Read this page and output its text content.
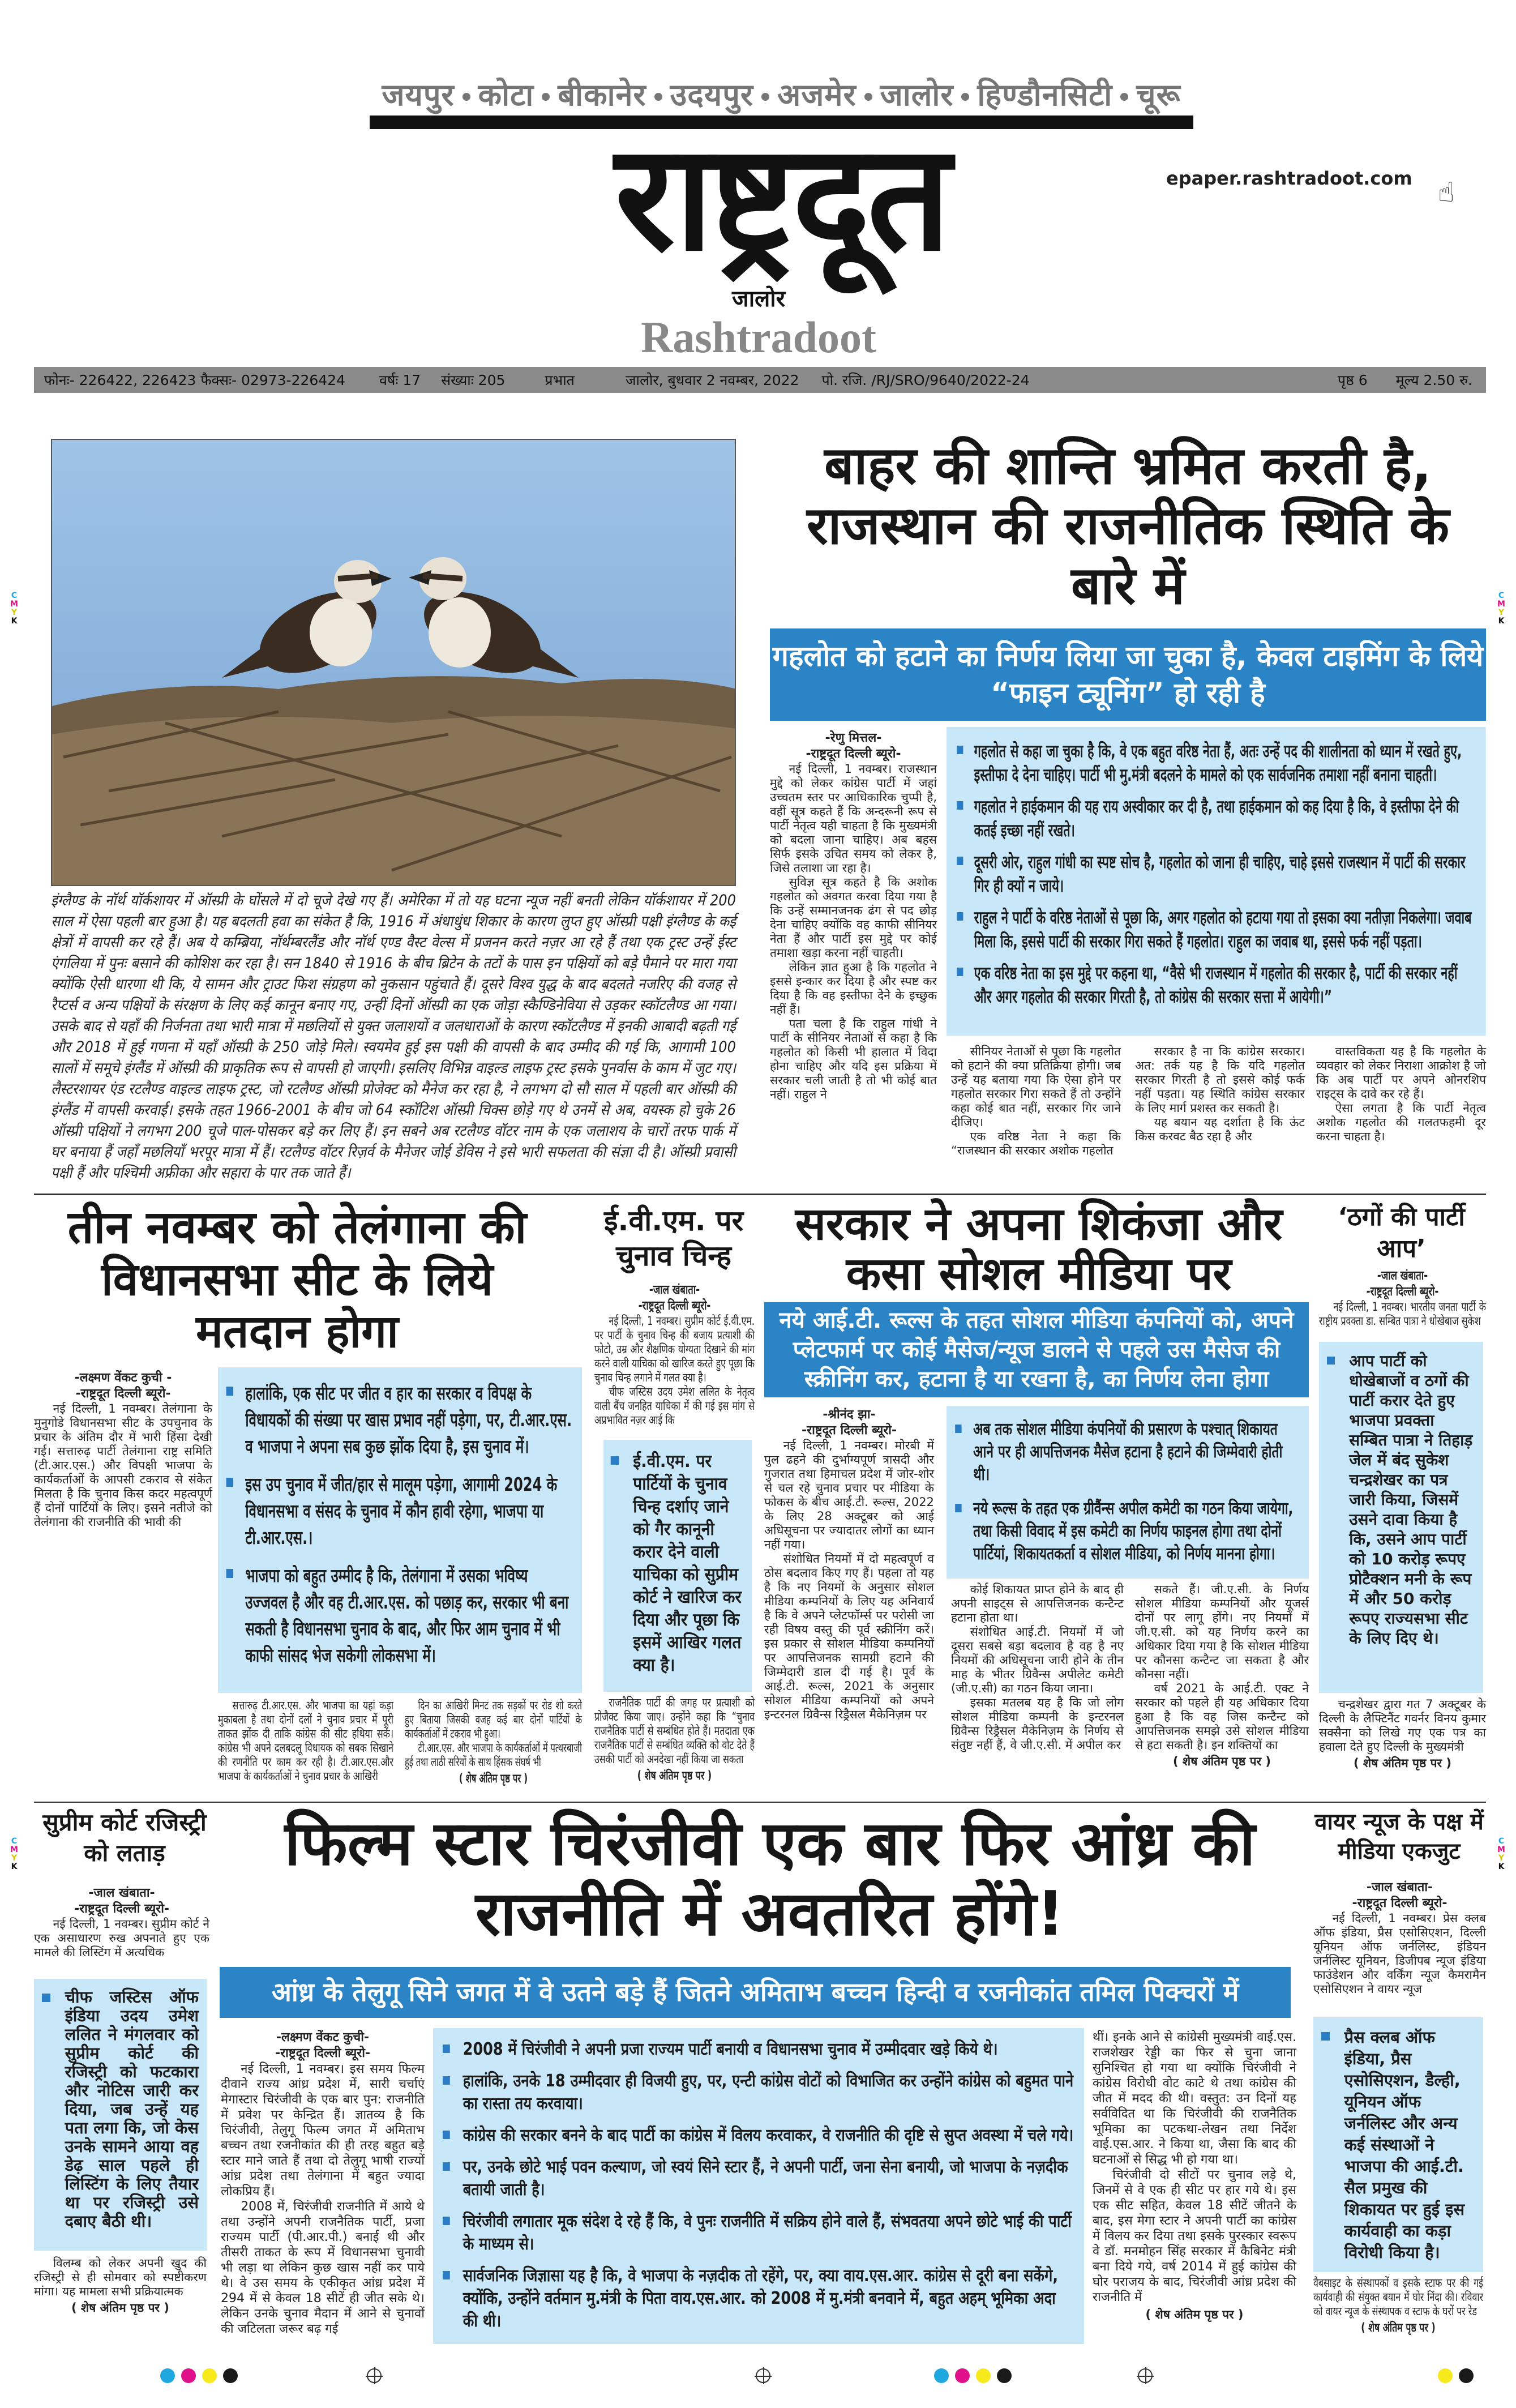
जयपुर कोटा बीकानेर उदयपुर अजमेर जालोर हिण्डौनसिटी चूरू
राष्ट्रदूत	epaper.rashtradoot.com ☝
जालोर
Rashtradoot
फोनः- 226422, 226423 फैक्सः- 02973-226424 वर्षः 17 संख्याः 205	प्रभात	जालोर, बुधवार 2 नवम्बर, 2022 पो. रजि. /RJ/SRO/9640/2022-24	पृष्ठ 6 मूल्य 2.50 रु.
इंग्लैण्ड के नॉर्थ यॉर्कशायर में ऑस्प्री के घोंसले में दो चूजे देखे गए हैं। अमेरिका में तो यह घटना न्यूज नहीं बनती लेकिन यॉर्कशायर में 200 साल में ऐसा पहली बार हुआ है। यह बदलती हवा का संकेत है कि, 1916 में अंधाधुंध शिकार के कारण लुप्त हुए ऑस्प्री पक्षी इंग्लैण्ड के कई क्षेत्रों में वापसी कर रहे हैं। अब ये कम्ब्रिया, नॉर्थम्बरलैंड और नॉर्थ एण्ड वैस्ट वेल्स में प्रजनन करते नज़र आ रहे हैं तथा एक ट्रस्ट उन्हें ईस्ट एंगलिया में पुनः बसाने की कोशिश कर रहा है। सन 1840 से 1916 के बीच ब्रिटेन के तटों के पास इन पक्षियों को बड़े पैमाने पर मारा गया क्योंकि ऐसी धारणा थी कि, ये सामन और ट्राउट फिश संग्रहण को नुकसान पहुंचाते हैं। दूसरे विश्व युद्ध के बाद बदलते नजरिए की वजह से रैप्टर्स व अन्य पक्षियों के संरक्षण के लिए कई कानून बनाए गए, उन्हीं दिनों ऑस्प्री का एक जोड़ा स्कैण्डिनेविया से उड़कर स्कॉटलैण्ड आ गया। उसके बाद से यहाँ की निर्जनता तथा भारी मात्रा में मछलियों से युक्त जलाशयों व जलधाराओं के कारण स्कॉटलैण्ड में इनकी आबादी बढ़ती गई और 2018 में हुई गणना में यहाँ ऑस्प्री के 250 जोड़े मिले। स्वयमेव हुई इस पक्षी की वापसी के बाद उम्मीद की गई कि, आगामी 100 सालों में समूचे इंग्लैंड में ऑस्प्री की प्राकृतिक रूप से वापसी हो जाएगी। इसलिए विभिन्न वाइल्ड लाइफ ट्रस्ट इसके पुनर्वास के काम में जुट गए। लैस्टरशायर एंड रटलैण्ड वाइल्ड लाइफ ट्रस्ट, जो रटलैण्ड ऑस्प्री प्रोजेक्ट को मैनेज कर रहा है, ने लगभग दो सौ साल में पहली बार ऑस्प्री की इंग्लैंड में वापसी करवाई। इसके तहत 1966-2001 के बीच जो 64 स्कॉटिश ऑस्प्री चिक्स छोड़े गए थे उनमें से अब, वयस्क हो चुके 26 ऑस्प्री पक्षियों ने लगभग 200 चूजे पाल-पोसकर बड़े कर लिए हैं। इन सबने अब रटलैण्ड वॉटर नाम के एक जलाशय के चारों तरफ पार्क में घर बनाया हैं जहाँ मछलियाँ भरपूर मात्रा में हैं। रटलैण्ड वॉटर रिज़र्व के मैनेजर जोई डेविस ने इसे भारी सफलता की संज्ञा दी है। ऑस्प्री प्रवासी पक्षी हैं और पश्चिमी अफ्रीका और सहारा के पार तक जाते हैं।
बाहर की शान्ति भ्रमित करती है, राजस्थान की राजनीतिक स्थिति के बारे में
गहलोत को हटाने का निर्णय लिया जा चुका है, केवल टाइमिंग के लिये “फाइन ट्यूनिंग” हो रही है
-रेणु मित्तल-
-राष्ट्रदूत दिल्ली ब्यूरो-

नई दिल्ली, 1 नवम्बर। राजस्थान मुद्दे को लेकर कांग्रेस पार्टी में जहां उच्चतम स्तर पर आधिकारिक चुप्पी है, वहीं सूत्र कहते हैं कि अन्दरूनी रूप से पार्टी नेतृत्व यही चाहता है कि मुख्यमंत्री को बदला जाना चाहिए। अब बहस सिर्फ इसके उचित समय को लेकर है, जिसे तलाशा जा रहा है।

सुविज्ञ सूत्र कहते है कि अशोक गहलोत को अवगत करवा दिया गया है कि उन्हें सम्मानजनक ढंग से पद छोड़ देना चाहिए क्योंकि वह काफी सीनियर नेता हैं और पार्टी इस मुद्दे पर कोई तमाशा खड़ा करना नहीं चाहती।

लेकिन ज्ञात हुआ है कि गहलोत ने इससे इन्कार कर दिया है और स्पष्ट कर दिया है कि वह इस्तीफा देने के इच्छुक नहीं हैं।

पता चला है कि राहुल गांधी ने पार्टी के सीनियर नेताओं से कहा है कि गहलोत को किसी भी हालात में विदा होना चाहिए और यदि इस प्रक्रिया में सरकार चली जाती है तो भी कोई बात नहीं। राहुल ने

गहलोत से कहा जा चुका है कि, वे एक बहुत वरिष्ठ नेता हैं, अतः उन्हें पद की शालीनता को ध्यान में रखते हुए, इस्तीफा दे देना चाहिए। पार्टी भी मु.मंत्री बदलने के मामले को एक सार्वजनिक तमाशा नहीं बनाना चाहती।
गहलोत ने हाईकमान की यह राय अस्वीकार कर दी है, तथा हाईकमान को कह दिया है कि, वे इस्तीफा देने की कतई इच्छा नहीं रखते।
दूसरी ओर, राहुल गांधी का स्पष्ट सोच है, गहलोत को जाना ही चाहिए, चाहे इससे राजस्थान में पार्टी की सरकार गिर ही क्यों न जाये।
राहुल ने पार्टी के वरिष्ठ नेताओं से पूछा कि, अगर गहलोत को हटाया गया तो इसका क्या नतीज़ा निकलेगा। जवाब मिला कि, इससे पार्टी की सरकार गिरा सकते हैं गहलोत। राहुल का जवाब था, इससे फर्क नहीं पड़ता।
एक वरिष्ठ नेता का इस मुद्दे पर कहना था, “वैसे भी राजस्थान में गहलोत की सरकार है, पार्टी की सरकार नहीं और अगर गहलोत की सरकार गिरती है, तो कांग्रेस की सरकार सत्ता में आयेगी।”

सीनियर नेताओं से पूछा कि गहलोत को हटाने की क्या प्रतिक्रिया होगी। जब उन्हें यह बताया गया कि ऐसा होने पर गहलोत सरकार गिरा सकते हैं तो उन्होंने कहा कोई बात नहीं, सरकार गिर जाने दीजिए।

एक वरिष्ठ नेता ने कहा कि “राजस्थान की सरकार अशोक गहलोत

सरकार है ना कि कांग्रेस सरकार। अत: तर्क यह है कि यदि गहलोत सरकार गिरती है तो इससे कोई फर्क नहीं पड़ता। यह स्थिति कांग्रेस सरकार के लिए मार्ग प्रशस्त कर सकती है।

यह बयान यह दर्शाता है कि ऊंट किस करवट बैठ रहा है और

वास्तविकता यह है कि गहलोत के व्यवहार को लेकर निराशा आक्रोश है जो कि अब पार्टी पर अपने ओनरशिप राइट्स के दावे कर रहे हैं।

ऐसा लगता है कि पार्टी नेतृत्व अशोक गहलोत की गलतफहमी दूर करना चाहता है।

तीन नवम्बर को तेलंगाना की विधानसभा सीट के लिये मतदान होगा
-लक्ष्मण वेंकट कुची -
-राष्ट्रदूत दिल्ली ब्यूरो-

नई दिल्ली, 1 नवम्बर। तेलंगाना के मुनुगोडे विधानसभा सीट के उपचुनाव के प्रचार के अंतिम दौर में भारी हिंसा देखी गई। सत्तारुढ़ पार्टी तेलंगाना राष्ट्र समिति (टी.आर.एस.) और विपक्षी भाजपा के कार्यकर्ताओं के आपसी टकराव से संकेत मिलता है कि चुनाव किस कदर महत्वपूर्ण हैं दोनों पार्टियों के लिए। इसने नतीजे को तेलंगाना की राजनीति की भावी की

हालांकि, एक सीट पर जीत व हार का सरकार व विपक्ष के विधायकों की संख्या पर खास प्रभाव नहीं पड़ेगा, पर, टी.आर.एस. व भाजपा ने अपना सब कुछ झोंक दिया है, इस चुनाव में।
इस उप चुनाव में जीत/हार से मालूम पड़ेगा, आगामी 2024 के विधानसभा व संसद के चुनाव में कौन हावी रहेगा, भाजपा या टी.आर.एस.।
भाजपा को बहुत उम्मीद है कि, तेलंगाना में उसका भविष्य उज्जवल है और वह टी.आर.एस. को पछाड़ कर, सरकार भी बना सकती है विधानसभा चुनाव के बाद, और फिर आम चुनाव में भी काफी सांसद भेज सकेगी लोकसभा में।

सत्तारुढ़ टी.आर.एस. और भाजपा का यहां कड़ा मुकाबला है तथा दोनों दलों ने चुनाव प्रचार में पूरी ताकत झोंक दी ताकि कांग्रेस की सीट हथिया सकें। कांग्रेस भी अपने दलबदलू विधायक को सबक सिखाने की रणनीति पर काम कर रही है। टी.आर.एस.और भाजपा के कार्यकर्ताओं ने चुनाव प्रचार के आखिरी

दिन का आखिरी मिनट तक सड़कों पर रोड शो करते हुए बिताया जिसकी वजह कई बार दोनों पार्टियों के कार्यकर्ताओं में टकराव भी हुआ।

टी.आर.एस. और भाजपा के कार्यकर्ताओं में पत्थरबाजी हुई तथा लाठी सरियों के साथ हिंसक संघर्ष भी

( शेष अंतिम पृष्ठ पर )
ई.वी.एम. पर चुनाव चिन्ह
-जाल खंबाता-
-राष्ट्रदूत दिल्ली ब्यूरो-

नई दिल्ली, 1 नवम्बर। सुप्रीम कोर्ट ई.वी.एम. पर पार्टी के चुनाव चिन्ह की बजाय प्रत्याशी की फोटो, उम्र और शैक्षणिक योग्यता दिखाने की मांग करने वाली याचिका को खारिज करते हुए पूछा कि चुनाव चिन्ह लगाने में गलत क्या है।

चीफ जस्टिस उदय उमेश ललित के नेतृत्व वाली बैंच जनहित याचिका में की गई इस मांग से अप्रभावित नज़र आई कि

ई.वी.एम. पर पार्टियों के चुनाव चिन्ह दर्शाए जाने को गैर कानूनी करार देने वाली याचिका को सुप्रीम कोर्ट ने खारिज कर दिया और पूछा कि इसमें आखिर गलत क्या है।

राजनैतिक पार्टी की जगह पर प्रत्याशी को प्रोजैक्ट किया जाए। उन्होंने कहा कि “चुनाव राजनैतिक पार्टी से सम्बंधित होते हैं। मतदाता एक राजनैतिक पार्टी से सम्बंधित व्यक्ति को वोट देते हैं उसकी पार्टी को अनदेखा नहीं किया जा सकता

( शेष अंतिम पृष्ठ पर )
सरकार ने अपना शिकंजा और कसा सोशल मीडिया पर
नये आई.टी. रूल्स के तहत सोशल मीडिया कंपनियों को, अपने प्लेटफार्म पर कोई मैसेज/न्यूज डालने से पहले उस मैसेज की स्क्रीनिंग कर, हटाना है या रखना है, का निर्णय लेना होगा
-श्रीनंद झा-
-राष्ट्रदूत दिल्ली ब्यूरो-

नई दिल्ली, 1 नवम्बर। मोरबी में पुल ढहने की दुर्भाग्यपूर्ण त्रासदी और गुजरात तथा हिमाचल प्रदेश में जोर-शोर से चल रहे चुनाव प्रचार पर मीडिया के फोकस के बीच आई.टी. रूल्स, 2022 के लिए 28 अक्टूबर को आई अधिसूचना पर ज्यादातर लोगों का ध्यान नहीं गया।

संशोधित नियमों में दो महत्वपूर्ण व ठोस बदलाव किए गए हैं। पहला तो यह है कि नए नियमों के अनुसार सोशल मीडिया कम्पनियों के लिए यह अनिवार्य है कि वे अपने प्लेटफॉर्म्स पर परोसी जा रही विषय वस्तु की पूर्व स्क्रीनिंग करें। इस प्रकार से सोशल मीडिया कम्पनियों पर आपत्तिजनक सामग्री हटाने की जिम्मेदारी डाल दी गई है। पूर्व के आई.टी. रूल्स, 2021 के अनुसार सोशल मीडिया कम्पनियों को अपने इन्टरनल ग्रिवैन्स रिड्रैसल मैकेनिज़म पर

अब तक सोशल मीडिया कंपनियों की प्रसारण के पश्चात् शिकायत आने पर ही आपत्तिजनक मैसेज हटाना है हटाने की जिम्मेवारी होती थी।
नये रूल्स के तहत एक ग्रीवैंन्स अपील कमेटी का गठन किया जायेगा, तथा किसी विवाद में इस कमेटी का निर्णय फाइनल होगा तथा दोनों पार्टियां, शिकायतकर्ता व सोशल मीडिया, को निर्णय मानना होगा।

कोई शिकायत प्राप्त होने के बाद ही अपनी साइट्स से आपत्तिजनक कन्टैन्ट हटाना होता था।

संशोधित आई.टी. नियमों में जो दूसरा सबसे बड़ा बदलाव है वह है नए नियमों की अधिसूचना जारी होने के तीन माह के भीतर ग्रिवैन्स अपीलेट कमेटी (जी.ए.सी) का गठन किया जाना।

इसका मतलब यह है कि जो लोग सोशल मीडिया कम्पनी के इन्टरनल ग्रिवैन्स रिड्रैसल मैकेनिज़म के निर्णय से संतुष्ट नहीं हैं, वे जी.ए.सी. में अपील कर

सकते हैं। जी.ए.सी. के निर्णय सोशल मीडिया कम्पनियों और यूजर्स दोनों पर लागू होंगे। नए नियमों में जी.ए.सी. को यह निर्णय करने का अधिकार दिया गया है कि सोशल मीडिया पर कौनसा कन्टैन्ट जा सकता है और कौनसा नहीं।

वर्ष 2021 के आई.टी. एक्ट ने सरकार को पहले ही यह अधिकार दिया हुआ है कि वह जिस कन्टैन्ट को आपत्तिजनक समझे उसे सोशल मीडिया से हटा सकती है। इन शक्तियों का

( शेष अंतिम पृष्ठ पर )
‘ठगों की पार्टी आप’
-जाल खंबाता-
-राष्ट्रदूत दिल्ली ब्यूरो-

नई दिल्ली, 1 नवम्बर। भारतीय जनता पार्टी के राष्ट्रीय प्रवक्ता डा. सम्बित पात्रा ने धोखेबाज सुकेश

आप पार्टी को धोखेबाजों व ठगों की पार्टी करार देते हुए भाजपा प्रवक्ता सम्बित पात्रा ने तिहाड़ जेल में बंद सुकेश चन्द्रशेखर का पत्र जारी किया, जिसमें उसने दावा किया है कि, उसने आप पार्टी को 10 करोड़ रूपए प्रोटैक्शन मनी के रूप में और 50 करोड़ रूपए राज्यसभा सीट के लिए दिए थे।

चन्द्रशेखर द्वारा गत 7 अक्टूबर के दिल्ली के लैफ्टिनैंट गवर्नर विनय कुमार सक्सैना को लिखे गए एक पत्र का हवाला देते हुए दिल्ली के मुख्यमंत्री

( शेष अंतिम पृष्ठ पर )
सुप्रीम कोर्ट रजिस्ट्री को लताड़
-जाल खंबाता-
-राष्ट्रदूत दिल्ली ब्यूरो-

नई दिल्ली, 1 नवम्बर। सुप्रीम कोर्ट ने एक असाधारण रुख अपनाते हुए एक मामले की लिस्टिंग में अत्यधिक

चीफ जस्टिस ऑफ इंडिया उदय उमेश ललित ने मंगलवार को सुप्रीम कोर्ट की रजिस्ट्री को फटकारा और नोटिस जारी कर दिया, जब उन्हें यह पता लगा कि, जो केस उनके सामने आया वह डेढ़ साल पहले ही लिस्टिंग के लिए तैयार था पर रजिस्ट्री उसे दबाए बैठी थी।

विलम्ब को लेकर अपनी खुद की रजिस्ट्री से ही सोमवार को स्पष्टीकरण मांगा। यह मामला सभी प्रक्रियात्मक

( शेष अंतिम पृष्ठ पर )
फिल्म स्टार चिरंजीवी एक बार फिर आंध्र की राजनीति में अवतरित होंगे!
आंध्र के तेलुगू सिने जगत में वे उतने बड़े हैं जितने अमिताभ बच्चन हिन्दी व रजनीकांत तमिल पिक्चरों में
-लक्ष्मण वेंकट कुची-
-राष्ट्रदूत दिल्ली ब्यूरो-

नई दिल्ली, 1 नवम्बर। इस समय फिल्म दीवाने राज्य आंध्र प्रदेश में, सारी चर्चाएं मेगास्टार चिरंजीवी के एक बार पुन: राजनीति में प्रवेश पर केन्द्रित हैं। ज्ञातव्य है कि चिरंजीवी, तेलुगू फिल्म जगत में अमिताभ बच्चन तथा रजनीकांत की ही तरह बहुत बड़े स्टार माने जाते हैं तथा दो तेलुगू भाषी राज्यों आंध्र प्रदेश तथा तेलंगाना में बहुत ज्यादा लोकप्रिय हैं।

2008 में, चिरंजीवी राजनीति में आये थे तथा उन्होंने अपनी राजनैतिक पार्टी, प्रजा राज्यम पार्टी (पी.आर.पी.) बनाई थी और तीसरी ताकत के रूप में विधानसभा चुनावी भी लड़ा था लेकिन कुछ खास नहीं कर पाये थे। वे उस समय के एकीकृत आंध्र प्रदेश में 294 में से केवल 18 सीटें ही जीत सके थे। लेकिन उनके चुनाव मैदान में आने से चुनावों की जटिलता जरूर बढ़ गई

2008 में चिरंजीवी ने अपनी प्रजा राज्यम पार्टी बनायी व विधानसभा चुनाव में उम्मीदवार खड़े किये थे।
हालांकि, उनके 18 उम्मीदवार ही विजयी हुए, पर, एन्टी कांग्रेस वोटों को विभाजित कर उन्होंने कांग्रेस को बहुमत पाने का रास्ता तय करवाया।
कांग्रेस की सरकार बनने के बाद पार्टी का कांग्रेस में विलय करवाकर, वे राजनीति की दृष्टि से सुप्त अवस्था में चले गये।
पर, उनके छोटे भाई पवन कल्याण, जो स्वयं सिने स्टार हैं, ने अपनी पार्टी, जना सेना बनायी, जो भाजपा के नज़दीक बतायी जाती है।
चिरंजीवी लगातार मूक संदेश दे रहे हैं कि, वे पुनः राजनीति में सक्रिय होने वाले हैं, संभवतया अपने छोटे भाई की पार्टी के माध्यम से।
सार्वजनिक जिज्ञासा यह है कि, वे भाजपा के नज़दीक तो रहेंगे, पर, क्या वाय.एस.आर. कांग्रेस से दूरी बना सकेंगे, क्योंकि, उन्होंने वर्तमान मु.मंत्री के पिता वाय.एस.आर. को 2008 में मु.मंत्री बनवाने में, बहुत अहम् भूमिका अदा की थी।

थीं। इनके आने से कांग्रेसी मुख्यमंत्री वाई.एस. राजशेखर रेड्डी का फिर से चुना जाना सुनिश्चित हो गया था क्योंकि चिरंजीवी ने कांग्रेस विरोधी वोट काटे थे तथा कांग्रेस की जीत में मदद की थी। वस्तुत: उन दिनों यह सर्वविदित था कि चिरंजीवी की राजनैतिक भूमिका का पटकथा-लेखन तथा निर्देश वाई.एस.आर. ने किया था, जैसा कि बाद की घटनाओं से सिद्ध भी हो गया था।

चिरंजीवी दो सीटों पर चुनाव लड़े थे, जिनमें से वे एक ही सीट पर हार गये थे। इस एक सीट सहित, केवल 18 सीटें जीतने के बाद, इस मेगा स्टार ने अपनी पार्टी का कांग्रेस में विलय कर दिया तथा इसके पुरस्कार स्वरूप वे डॉ. मनमोहन सिंह सरकार में कैबिनेट मंत्री बना दिये गये, वर्ष 2014 में हुई कांग्रेस की घोर पराजय के बाद, चिरंजीवी आंध्र प्रदेश की राजनीति में

( शेष अंतिम पृष्ठ पर )
वायर न्यूज के पक्ष में मीडिया एकजुट
-जाल खंबाता-
-राष्ट्रदूत दिल्ली ब्यूरो-

नई दिल्ली, 1 नवम्बर। प्रेस क्लब ऑफ इंडिया, प्रैस एसोसिएशन, दिल्ली यूनियन ऑफ जर्नलिस्ट, इंडियन जर्नलिस्ट यूनियन, डिजीपब न्यूज इंडिया फाउंडेशन और वर्किंग न्यूज कैमरामैन एसोसिएशन ने वायर न्यूज

प्रैस क्लब ऑफ इंडिया, प्रैस एसोसिएशन, डैल्ही, यूनियन ऑफ जर्नलिस्ट और अन्य कई संस्थाओं ने भाजपा की आई.टी. सैल प्रमुख की शिकायत पर हुई इस कार्यवाही का कड़ा विरोधी किया है।

वैबसाइट के संस्थापकों व इसके स्टाफ पर की गई कार्यवाही की संयुक्त बयान में घोर निंदा की। रविवार को वायर न्यूज के संस्थापक व स्टाफ के घरों पर रेड

( शेष अंतिम पृष्ठ पर )
C
M
Y
K
C
M
Y
K
C
M
Y
K
C
M
Y
K
